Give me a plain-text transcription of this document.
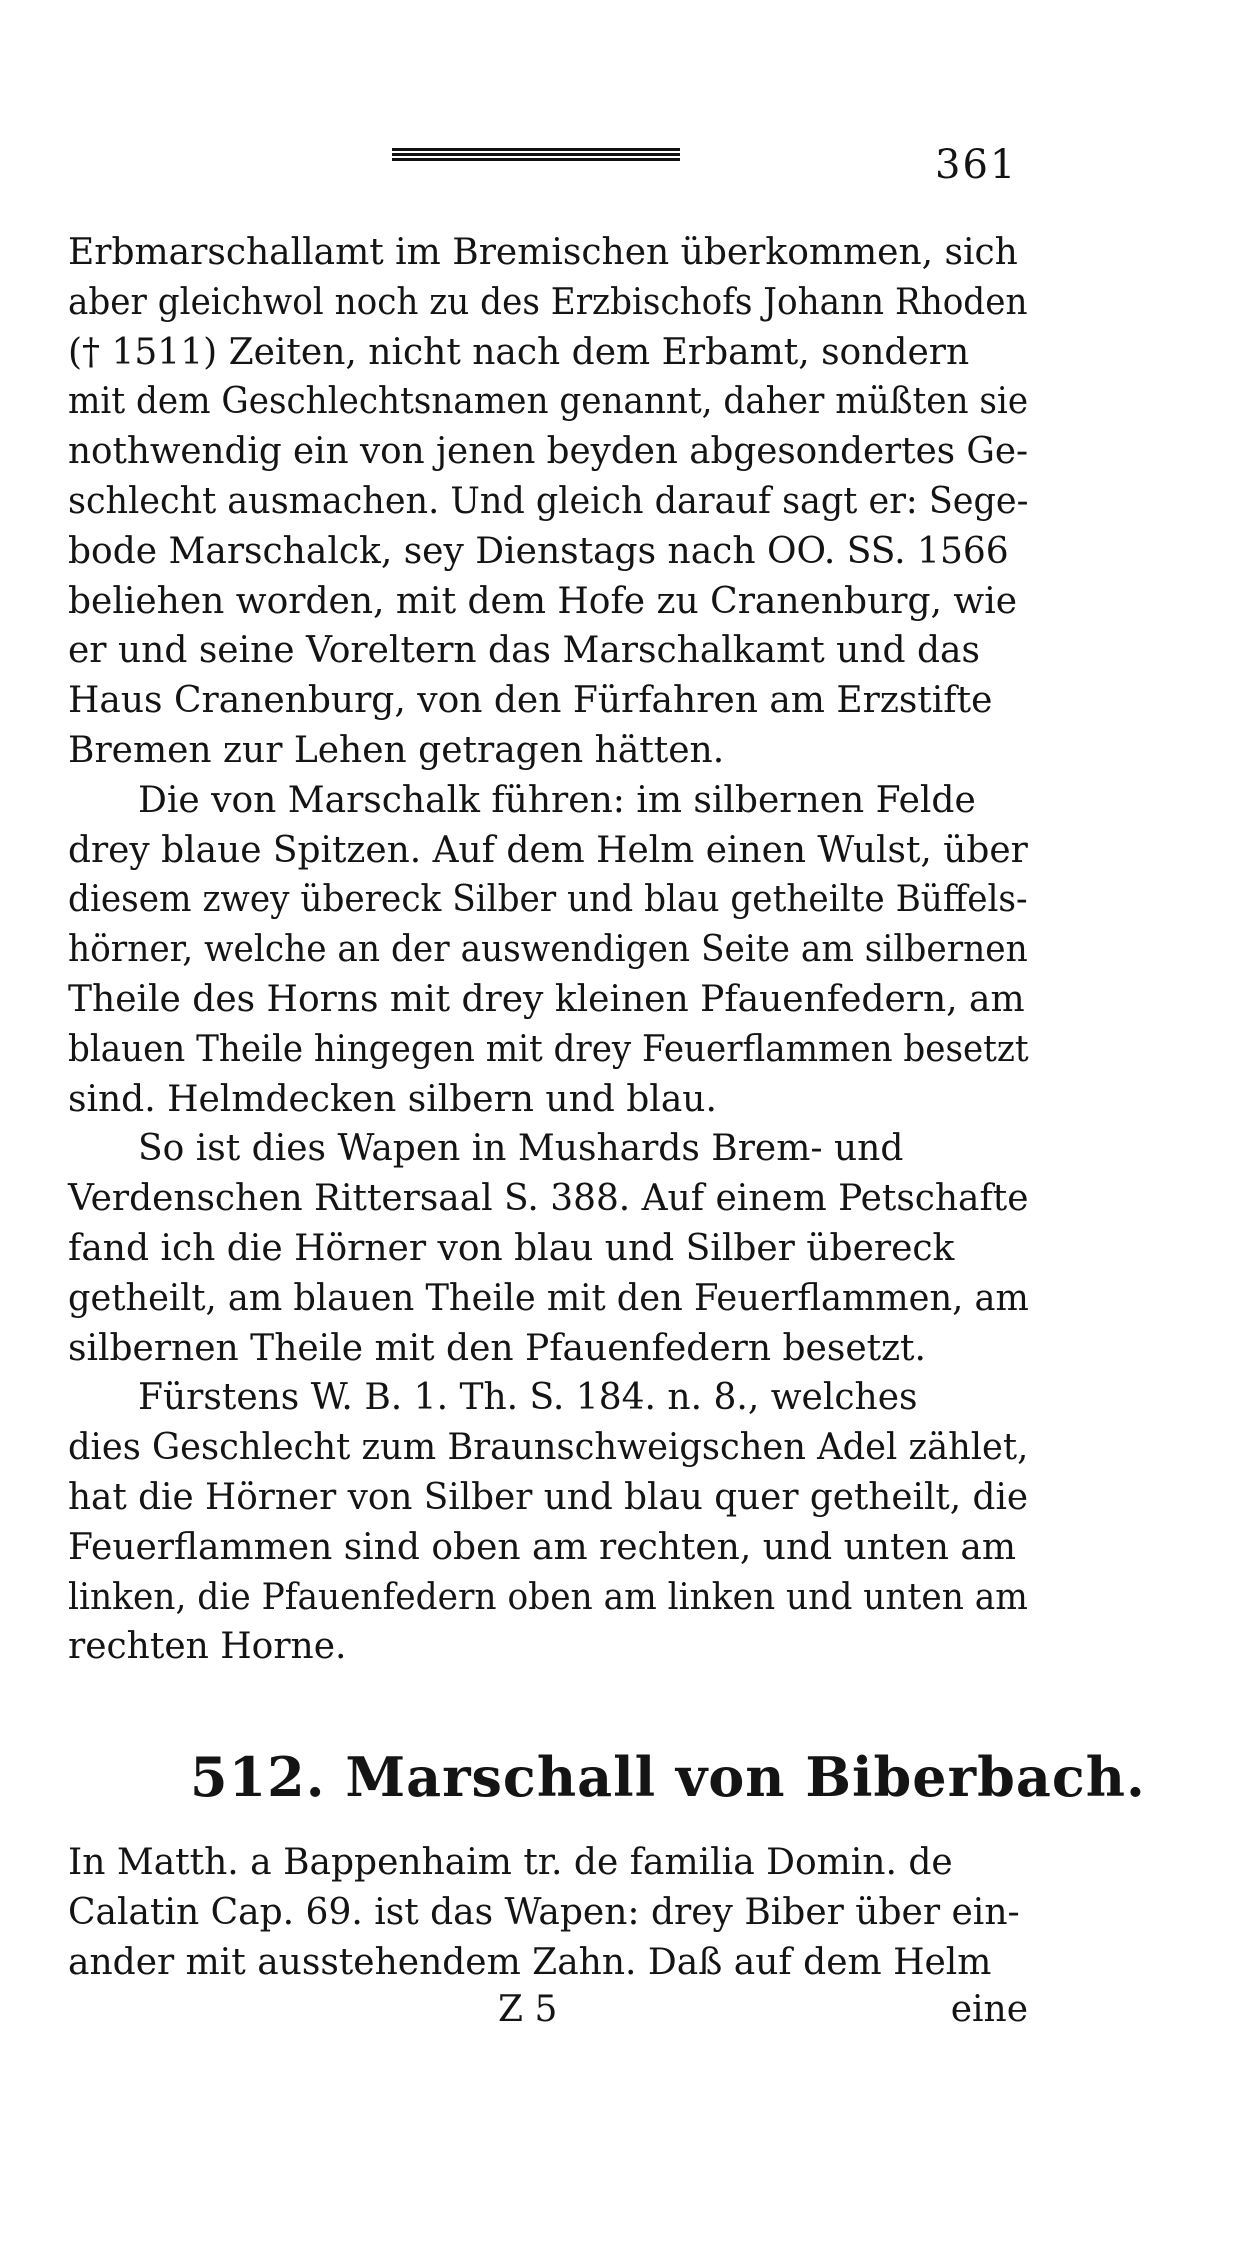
361
Erbmarschallamt im Bremischen überkommen, sich
aber gleichwol noch zu des Erzbischofs Johann Rhoden
(† 1511) Zeiten, nicht nach dem Erbamt, sondern
mit dem Geschlechtsnamen genannt, daher müßten sie
nothwendig ein von jenen beyden abgesondertes Ge-
schlecht ausmachen. Und gleich darauf sagt er: Sege-
bode Marschalck, sey Dienstags nach OO. SS. 1566
beliehen worden, mit dem Hofe zu Cranenburg, wie
er und seine Voreltern das Marschalkamt und das
Haus Cranenburg, von den Fürfahren am Erzstifte
Bremen zur Lehen getragen hätten.
Die von Marschalk führen: im silbernen Felde
drey blaue Spitzen. Auf dem Helm einen Wulst, über
diesem zwey übereck Silber und blau getheilte Büffels-
hörner, welche an der auswendigen Seite am silbernen
Theile des Horns mit drey kleinen Pfauenfedern, am
blauen Theile hingegen mit drey Feuerflammen besetzt
sind. Helmdecken silbern und blau.
So ist dies Wapen in Mushards Brem- und
Verdenschen Rittersaal S. 388. Auf einem Petschafte
fand ich die Hörner von blau und Silber übereck
getheilt, am blauen Theile mit den Feuerflammen, am
silbernen Theile mit den Pfauenfedern besetzt.
Fürstens W. B. 1. Th. S. 184. n. 8., welches
dies Geschlecht zum Braunschweigschen Adel zählet,
hat die Hörner von Silber und blau quer getheilt, die
Feuerflammen sind oben am rechten, und unten am
linken, die Pfauenfedern oben am linken und unten am
rechten Horne.
512. Marschall von Biberbach.
In Matth. a Bappenhaim tr. de familia Domin. de
Calatin Cap. 69. ist das Wapen: drey Biber über ein-
ander mit ausstehendem Zahn. Daß auf dem Helm
Z 5	eine
